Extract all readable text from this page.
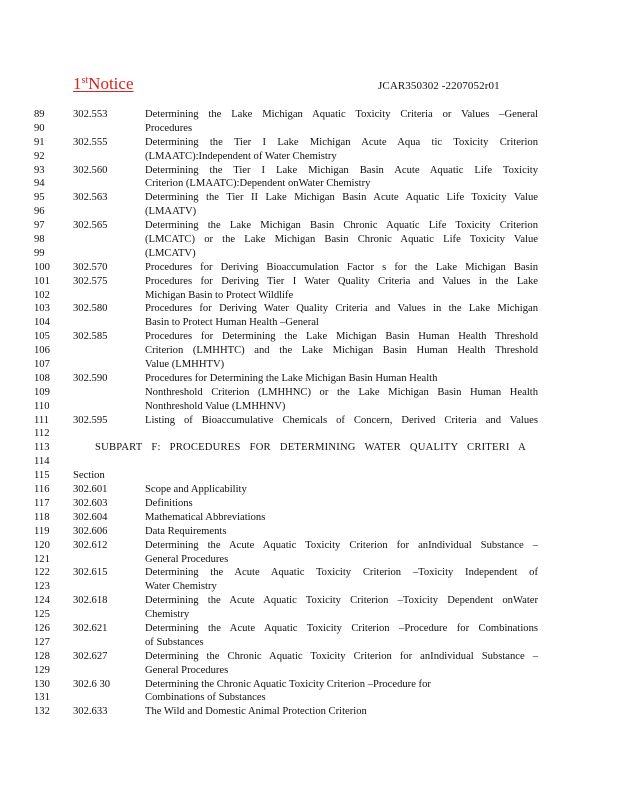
1stNotice	JCAR350302 -2207052r01
89	302.553	Determining the Lake Michigan Aquatic Toxicity Criteria or Values –General
90	Procedures
91	302.555	Determining the Tier I Lake Michigan Acute Aqua tic Toxicity Criterion
92	(LMAATC):Independent of Water Chemistry
93	302.560	Determining the Tier I Lake Michigan Basin Acute Aquatic Life Toxicity
94	Criterion (LMAATC):Dependent onWater Chemistry
95	302.563	Determining the Tier II Lake Michigan Basin Acute Aquatic Life Toxicity Value
96	(LMAATV)
97	302.565	Determining the Lake Michigan Basin Chronic Aquatic Life Toxicity Criterion
98	(LMCATC) or the Lake Michigan Basin Chronic Aquatic Life Toxicity Value
99	(LMCATV)
100	302.570	Procedures for Deriving Bioaccumulation Factor s for the Lake Michigan Basin
101	302.575	Procedures for Deriving Tier I Water Quality Criteria and Values in the Lake
102	Michigan Basin to Protect Wildlife
103	302.580	Procedures for Deriving Water Quality Criteria and Values in the Lake Michigan
104	Basin to Protect Human Health –General
105	302.585	Procedures for Determining the Lake Michigan Basin Human Health Threshold
106	Criterion (LMHHTC) and the Lake Michigan Basin Human Health Threshold
107	Value (LMHHTV)
108	302.590	Procedures for Determining the Lake Michigan Basin Human Health
109	Nonthreshold Criterion (LMHHNC) or the Lake Michigan Basin Human Health
110	Nonthreshold Value (LMHHNV)
111	302.595	Listing of Bioaccumulative Chemicals of Concern, Derived Criteria and Values
112
113	SUBPART F: PROCEDURES FOR DETERMINING WATER QUALITY CRITERI A
114
115	Section
116	302.601	Scope and Applicability
117	302.603	Definitions
118	302.604	Mathematical Abbreviations
119	302.606	Data Requirements
120	302.612	Determining the Acute Aquatic Toxicity Criterion for anIndividual Substance –
121	General Procedures
122	302.615	Determining the Acute Aquatic Toxicity Criterion –Toxicity Independent of
123	Water Chemistry
124	302.618	Determining the Acute Aquatic Toxicity Criterion –Toxicity Dependent onWater
125	Chemistry
126	302.621	Determining the Acute Aquatic Toxicity Criterion –Procedure for Combinations
127	of Substances
128	302.627	Determining the Chronic Aquatic Toxicity Criterion for anIndividual Substance –
129	General Procedures
130	302.6 30	Determining the Chronic Aquatic Toxicity Criterion –Procedure for
131	Combinations of Substances
132	302.633	The Wild and Domestic Animal Protection Criterion
